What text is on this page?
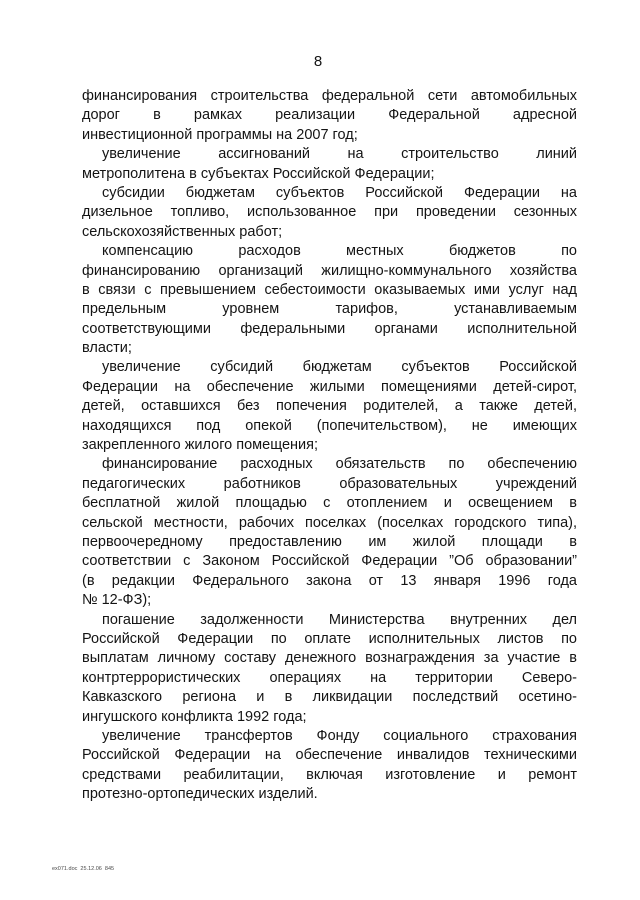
8
финансирования строительства федеральной сети автомобильных
дорог в рамках реализации Федеральной адресной
инвестиционной программы на 2007 год;
увеличение ассигнований на строительство линий
метрополитена в субъектах Российской Федерации;
субсидии бюджетам субъектов Российской Федерации на
дизельное топливо, использованное при проведении сезонных
сельскохозяйственных работ;
компенсацию расходов местных бюджетов по
финансированию организаций жилищно-коммунального хозяйства
в связи с превышением себестоимости оказываемых ими услуг над
предельным уровнем тарифов, устанавливаемым
соответствующими федеральными органами исполнительной
власти;
увеличение субсидий бюджетам субъектов Российской
Федерации на обеспечение жилыми помещениями детей-сирот,
детей, оставшихся без попечения родителей, а также детей,
находящихся под опекой (попечительством), не имеющих
закрепленного жилого помещения;
финансирование расходных обязательств по обеспечению
педагогических работников образовательных учреждений
бесплатной жилой площадью с отоплением и освещением в
сельской местности, рабочих поселках (поселках городского типа),
первоочередному предоставлению им жилой площади в
соответствии с Законом Российской Федерации ”Об образовании”
(в редакции Федерального закона от 13 января 1996 года
№ 12-ФЗ);
погашение задолженности Министерства внутренних дел
Российской Федерации по оплате исполнительных листов по
выплатам личному составу денежного вознаграждения за участие в
контртеррористических операциях на территории Северо-
Кавказского региона и в ликвидации последствий осетино-
ингушского конфликта 1992 года;
увеличение трансфертов Фонду социального страхования
Российской Федерации на обеспечение инвалидов техническими
средствами реабилитации, включая изготовление и ремонт
протезно-ортопедических изделий.
ex071.doc  25.12.06  845
